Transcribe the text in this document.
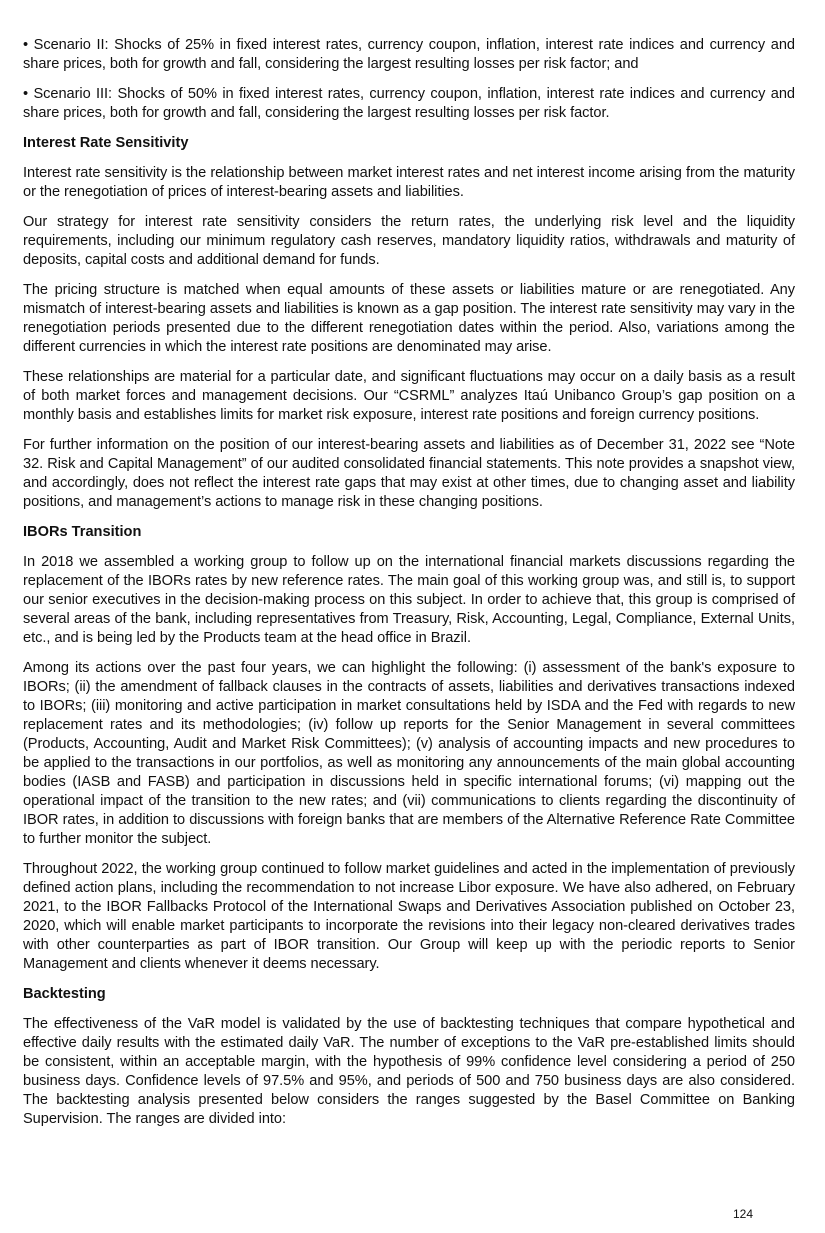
• Scenario II: Shocks of 25% in fixed interest rates, currency coupon, inflation, interest rate indices and currency and share prices, both for growth and fall, considering the largest resulting losses per risk factor; and

• Scenario III: Shocks of 50% in fixed interest rates, currency coupon, inflation, interest rate indices and currency and share prices, both for growth and fall, considering the largest resulting losses per risk factor.

Interest Rate Sensitivity

Interest rate sensitivity is the relationship between market interest rates and net interest income arising from the maturity or the renegotiation of prices of interest-bearing assets and liabilities.

Our strategy for interest rate sensitivity considers the return rates, the underlying risk level and the liquidity requirements, including our minimum regulatory cash reserves, mandatory liquidity ratios, withdrawals and maturity of deposits, capital costs and additional demand for funds.

The pricing structure is matched when equal amounts of these assets or liabilities mature or are renegotiated. Any mismatch of interest-bearing assets and liabilities is known as a gap position. The interest rate sensitivity may vary in the renegotiation periods presented due to the different renegotiation dates within the period. Also, variations among the different currencies in which the interest rate positions are denominated may arise.

These relationships are material for a particular date, and significant fluctuations may occur on a daily basis as a result of both market forces and management decisions. Our “CSRML” analyzes Itaú Unibanco Group’s gap position on a monthly basis and establishes limits for market risk exposure, interest rate positions and foreign currency positions.

For further information on the position of our interest-bearing assets and liabilities as of December 31, 2022 see “Note 32. Risk and Capital Management” of our audited consolidated financial statements. This note provides a snapshot view, and accordingly, does not reflect the interest rate gaps that may exist at other times, due to changing asset and liability positions, and management’s actions to manage risk in these changing positions.

IBORs Transition

In 2018 we assembled a working group to follow up on the international financial markets discussions regarding the replacement of the IBORs rates by new reference rates. The main goal of this working group was, and still is, to support our senior executives in the decision-making process on this subject. In order to achieve that, this group is comprised of several areas of the bank, including representatives from Treasury, Risk, Accounting, Legal, Compliance, External Units, etc., and is being led by the Products team at the head office in Brazil.

Among its actions over the past four years, we can highlight the following: (i) assessment of the bank's exposure to IBORs; (ii) the amendment of fallback clauses in the contracts of assets, liabilities and derivatives transactions indexed to IBORs; (iii) monitoring and active participation in market consultations held by ISDA and the Fed with regards to new replacement rates and its methodologies; (iv) follow up reports for the Senior Management in several committees (Products, Accounting, Audit and Market Risk Committees); (v) analysis of accounting impacts and new procedures to be applied to the transactions in our portfolios, as well as monitoring any announcements of the main global accounting bodies (IASB and FASB) and participation in discussions held in specific international forums; (vi) mapping out the operational impact of the transition to the new rates; and (vii) communications to clients regarding the discontinuity of IBOR rates, in addition to discussions with foreign banks that are members of the Alternative Reference Rate Committee to further monitor the subject.

Throughout 2022, the working group continued to follow market guidelines and acted in the implementation of previously defined action plans, including the recommendation to not increase Libor exposure. We have also adhered, on February 2021, to the IBOR Fallbacks Protocol of the International Swaps and Derivatives Association published on October 23, 2020, which will enable market participants to incorporate the revisions into their legacy non-cleared derivatives trades with other counterparties as part of IBOR transition. Our Group will keep up with the periodic reports to Senior Management and clients whenever it deems necessary.

Backtesting

The effectiveness of the VaR model is validated by the use of backtesting techniques that compare hypothetical and effective daily results with the estimated daily VaR. The number of exceptions to the VaR pre-established limits should be consistent, within an acceptable margin, with the hypothesis of 99% confidence level considering a period of 250 business days. Confidence levels of 97.5% and 95%, and periods of 500 and 750 business days are also considered. The backtesting analysis presented below considers the ranges suggested by the Basel Committee on Banking Supervision. The ranges are divided into:

124
